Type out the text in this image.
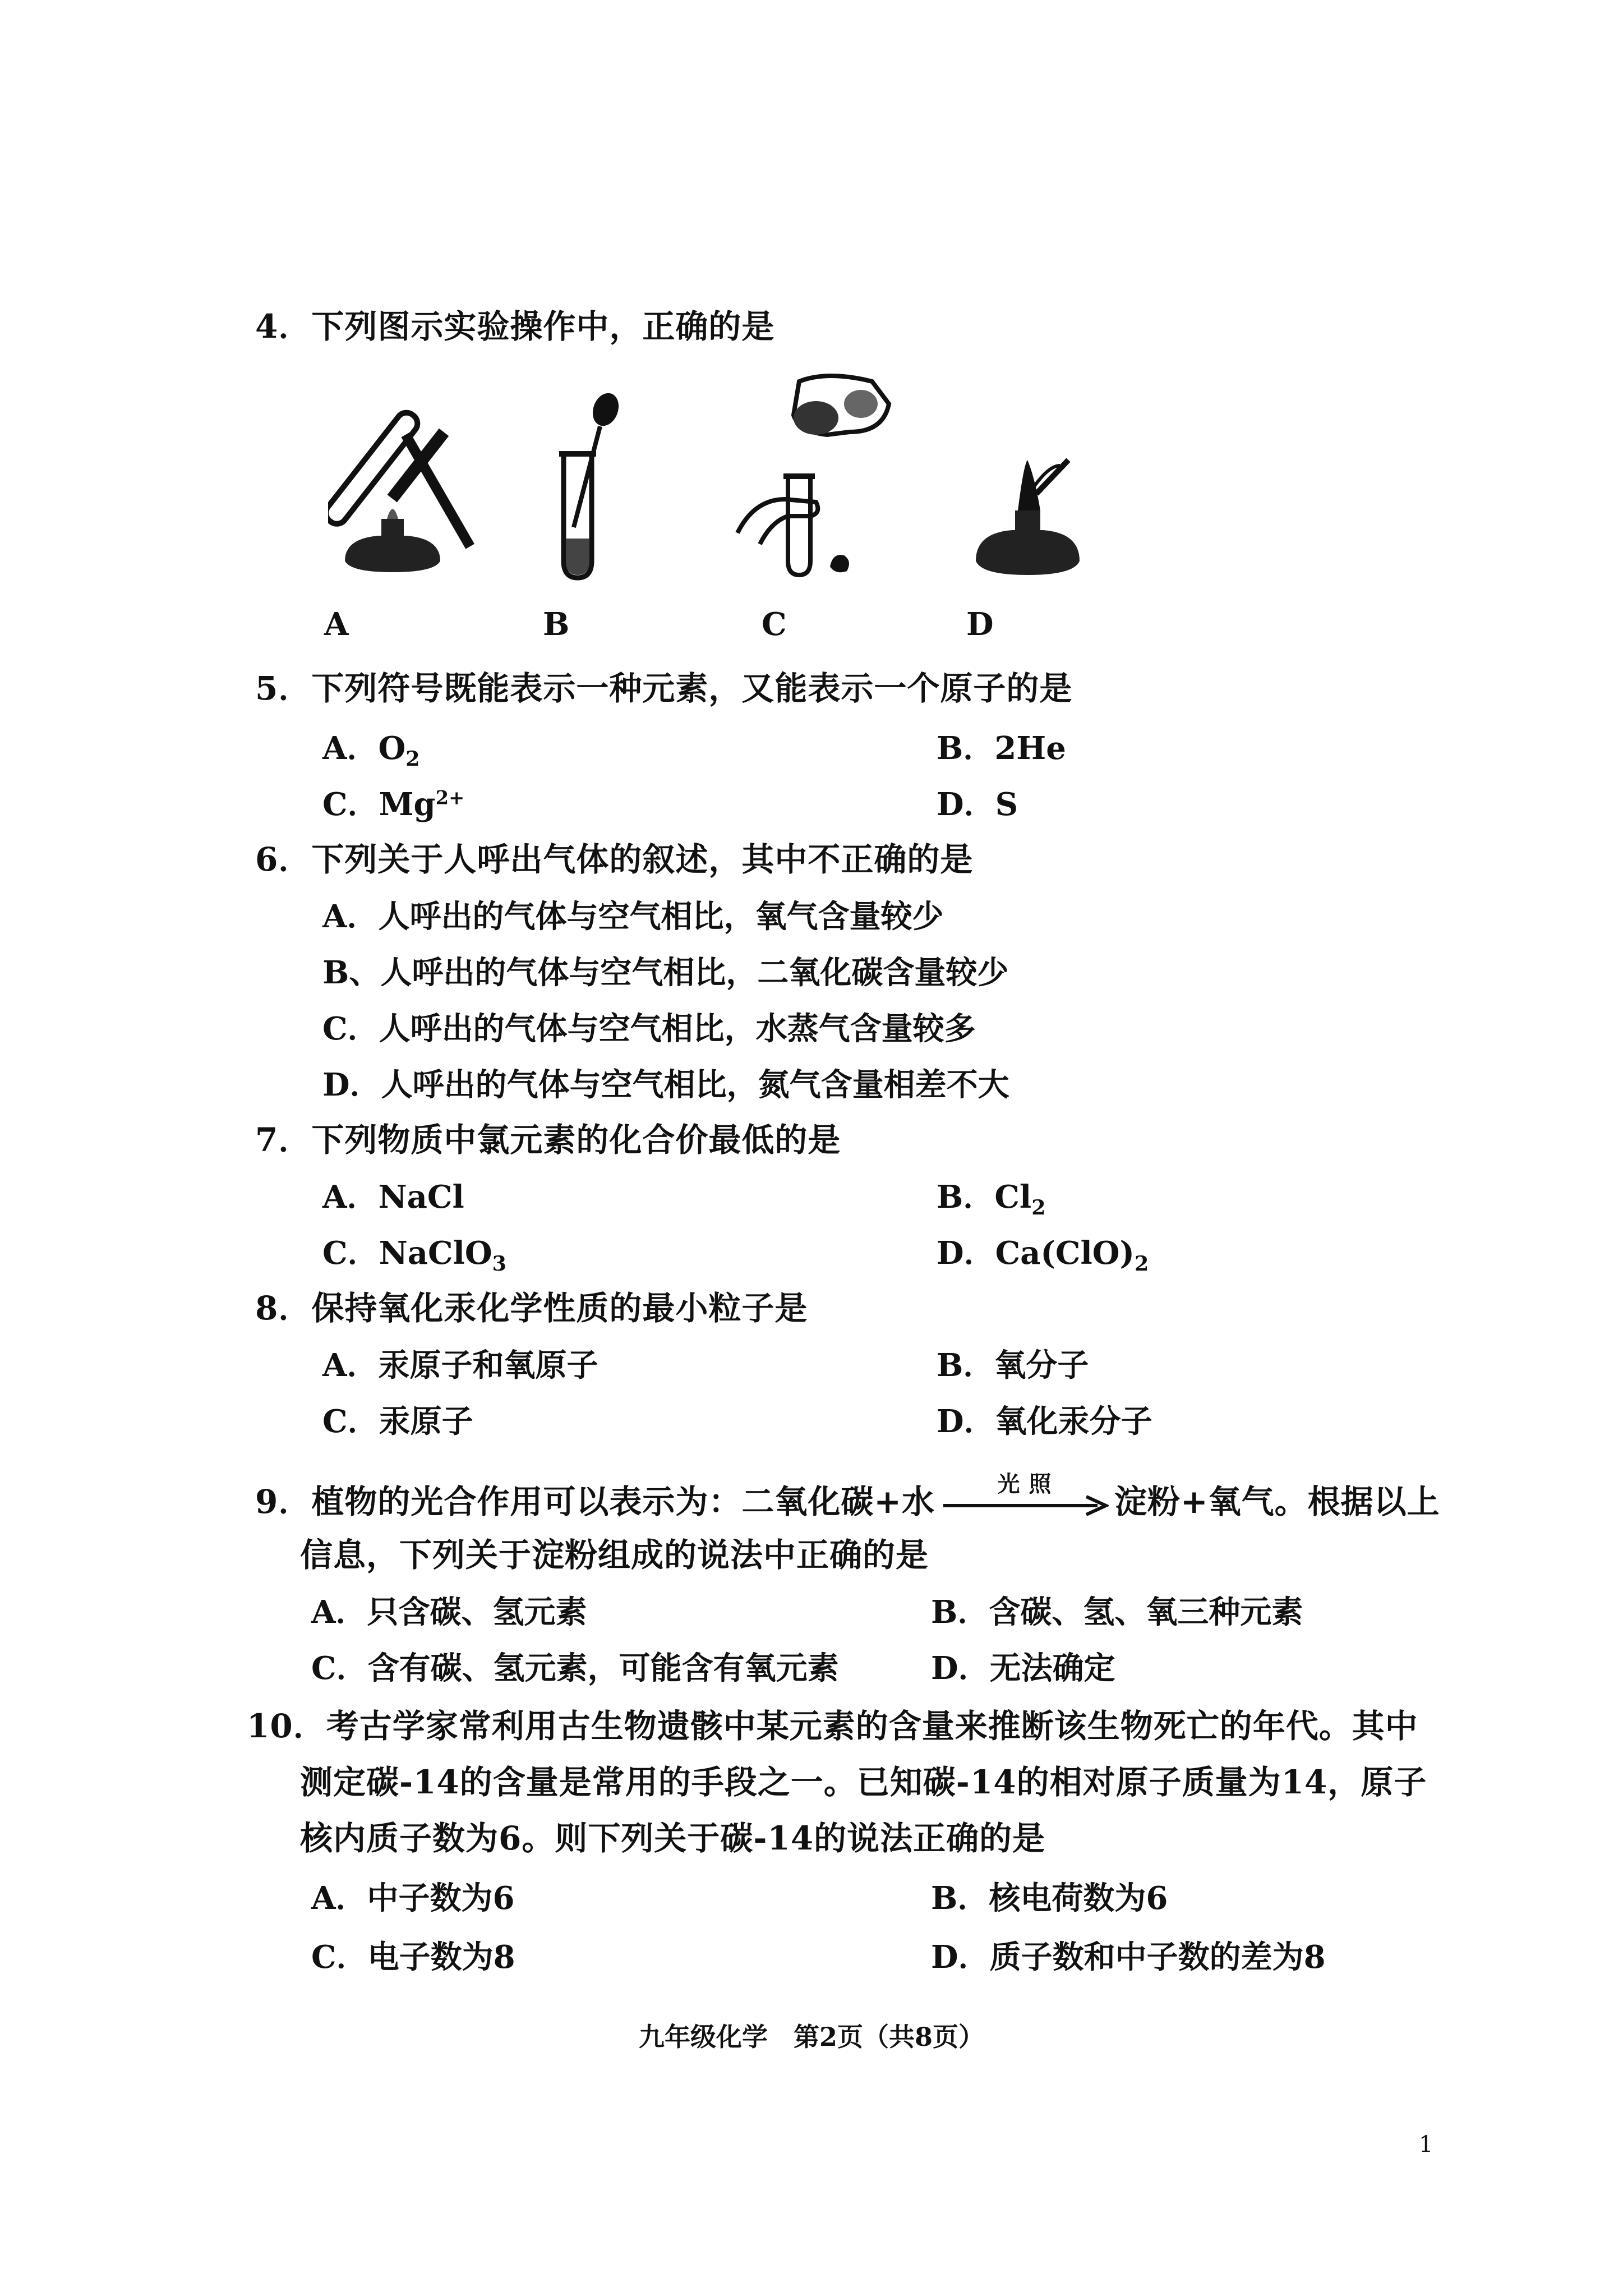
4．下列图示实验操作中，正确的是
A	B	C	D
5．下列符号既能表示一种元素，又能表示一个原子的是
A．$O_2$	B．2He
C．$Mg^{2+}$	D．S
6．下列关于人呼出气体的叙述，其中不正确的是
A．人呼出的气体与空气相比，氧气含量较少
B、人呼出的气体与空气相比，二氧化碳含量较少
C．人呼出的气体与空气相比，水蒸气含量较多
D．人呼出的气体与空气相比，氮气含量相差不大
7．下列物质中氯元素的化合价最低的是
A．NaCl	B．$Cl_2$
C．NaClO$_3$	D．$Ca(ClO)_2$
8．保持氧化汞化学性质的最小粒子是
A．汞原子和氧原子	B．氧分子
C．汞原子	D．氧化汞分子
9．植物的光合作用可以表示为：二氧化碳+水	光 照	淀粉+氧气。根据以上
信息，下列关于淀粉组成的说法中正确的是
A．只含碳、氢元素	B．含碳、氢、氧三种元素
C．含有碳、氢元素，可能含有氧元素	D．无法确定
10．考古学家常利用古生物遗骸中某元素的含量来推断该生物死亡的年代。其中
测定碳-14的含量是常用的手段之一。已知碳-14的相对原子质量为14，原子
核内质子数为6。则下列关于碳-14的说法正确的是
A．中子数为6	B．核电荷数为6
C．电子数为8	D．质子数和中子数的差为8
九年级化学　第2页（共8页）
1
